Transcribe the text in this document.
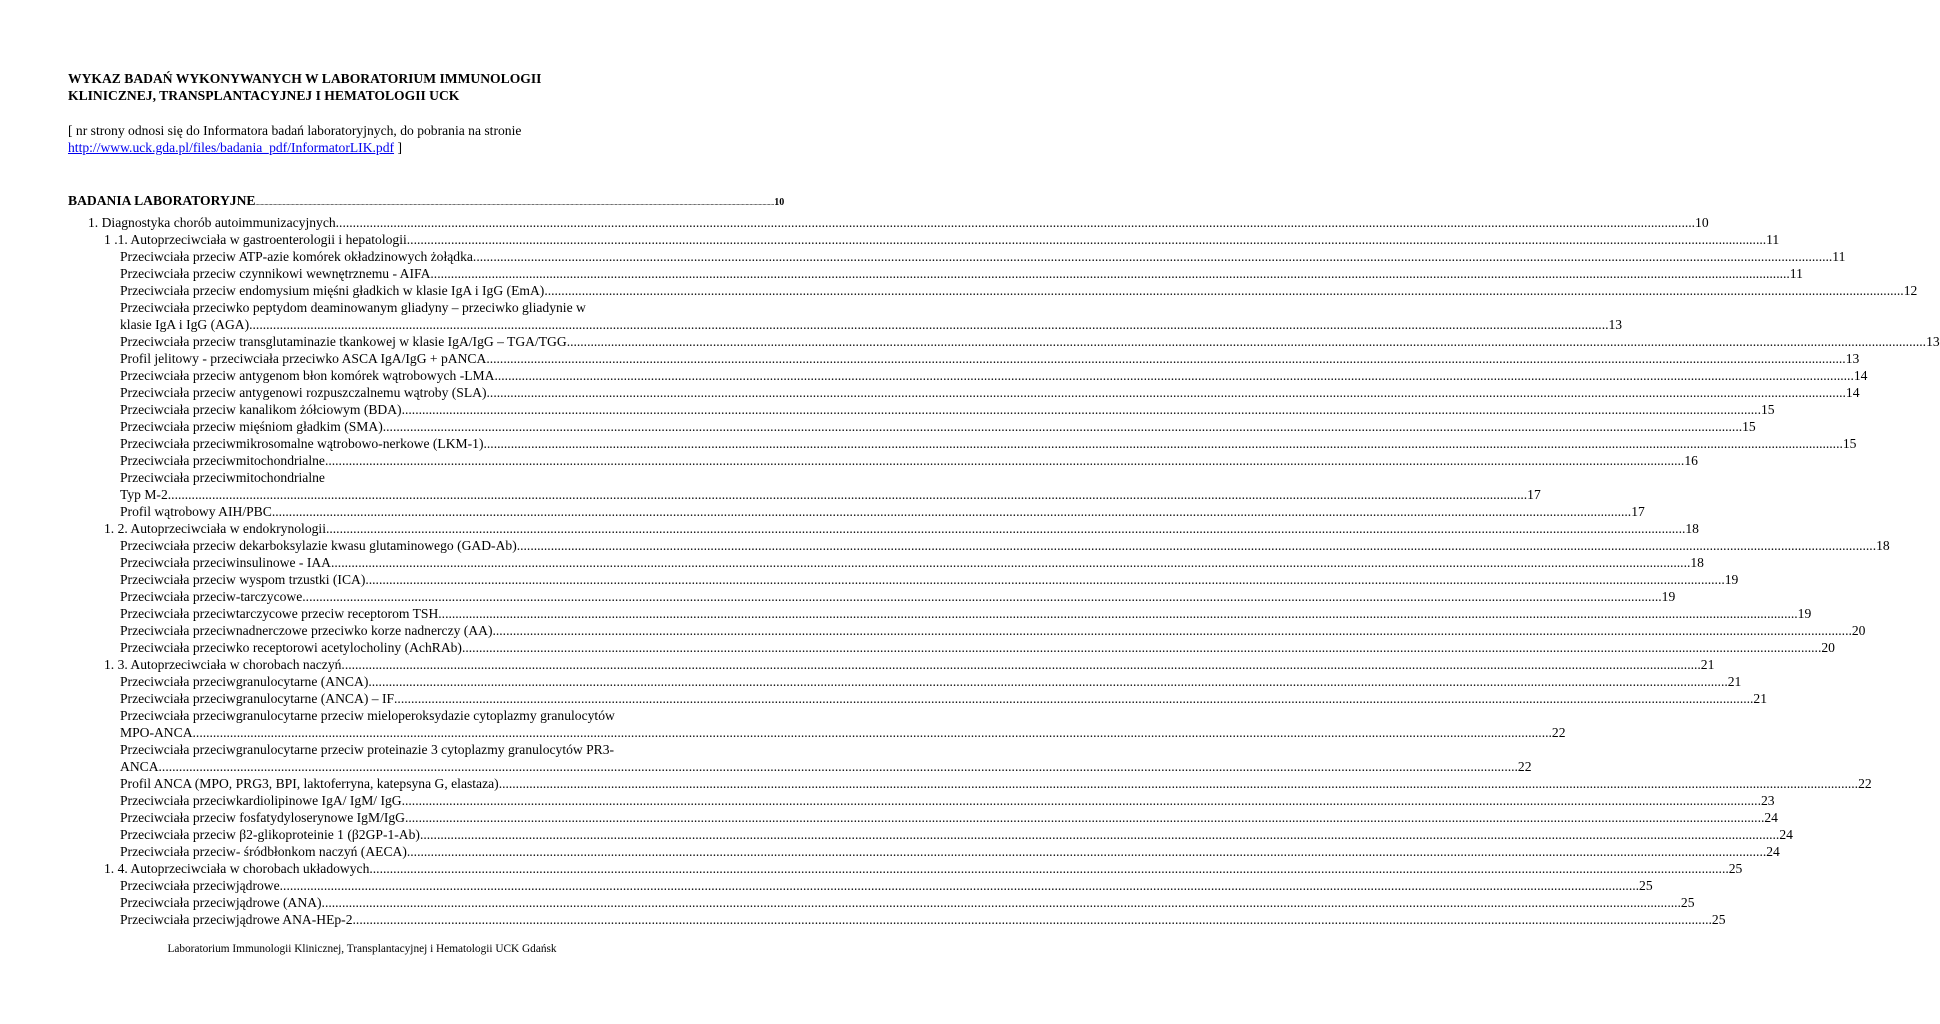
WYKAZ BADAŃ WYKONYWANYCH W LABORATORIUM IMMUNOLOGII
KLINICZNEJ, TRANSPLANTACYJNEJ I HEMATOLOGII UCK
[ nr strony odnosi się do Informatora badań laboratoryjnych, do pobrania na stronie
http://www.uck.gda.pl/files/badania_pdf/InformatorLIK.pdf ]
BADANIA LABORATORYJNE ................................................................................................................................................................................................................................................................................................................................................................................................................ 10
1. Diagnostyka chorób autoimmunizacyjnych ................................................................................................................................................................................................................................................................................................................................................................................................................ 10
1 .1. Autoprzeciwciała w gastroenterologii i hepatologii ................................................................................................................................................................................................................................................................................................................................................................................................................ 11
Przeciwciała przeciw ATP-azie komórek okładzinowych żołądka ................................................................................................................................................................................................................................................................................................................................................................................................................ 11
Przeciwciała przeciw czynnikowi wewnętrznemu - AIFA ................................................................................................................................................................................................................................................................................................................................................................................................................ 11
Przeciwciała przeciw endomysium mięśni gładkich w klasie IgA i IgG (EmA) ................................................................................................................................................................................................................................................................................................................................................................................................................ 12
Przeciwciała przeciwko peptydom deaminowanym gliadyny – przeciwko gliadynie w
klasie IgA i IgG (AGA) ................................................................................................................................................................................................................................................................................................................................................................................................................ 13
Przeciwciała przeciw transglutaminazie tkankowej w klasie IgA/IgG – TGA/TGG ................................................................................................................................................................................................................................................................................................................................................................................................................ 13
Profil jelitowy - przeciwciała przeciwko ASCA IgA/IgG + pANCA ................................................................................................................................................................................................................................................................................................................................................................................................................ 13
Przeciwciała przeciw antygenom błon komórek wątrobowych -LMA ................................................................................................................................................................................................................................................................................................................................................................................................................ 14
Przeciwciała przeciw antygenowi rozpuszczalnemu wątroby (SLA) ................................................................................................................................................................................................................................................................................................................................................................................................................ 14
Przeciwciała przeciw kanalikom żółciowym (BDA) ................................................................................................................................................................................................................................................................................................................................................................................................................ 15
Przeciwciała przeciw mięśniom gładkim (SMA) ................................................................................................................................................................................................................................................................................................................................................................................................................ 15
Przeciwciała przeciwmikrosomalne wątrobowo-nerkowe (LKM-1) ................................................................................................................................................................................................................................................................................................................................................................................................................ 15
Przeciwciała przeciwmitochondrialne ................................................................................................................................................................................................................................................................................................................................................................................................................ 16
Przeciwciała przeciwmitochondrialne
Typ M-2 ................................................................................................................................................................................................................................................................................................................................................................................................................ 17
Profil wątrobowy AIH/PBC ................................................................................................................................................................................................................................................................................................................................................................................................................ 17
1. 2. Autoprzeciwciała w endokrynologii ................................................................................................................................................................................................................................................................................................................................................................................................................ 18
Przeciwciała przeciw dekarboksylazie kwasu glutaminowego (GAD-Ab) ................................................................................................................................................................................................................................................................................................................................................................................................................ 18
Przeciwciała przeciwinsulinowe - IAA ................................................................................................................................................................................................................................................................................................................................................................................................................ 18
Przeciwciała przeciw wyspom trzustki (ICA) ................................................................................................................................................................................................................................................................................................................................................................................................................ 19
Przeciwciała przeciw-tarczycowe ................................................................................................................................................................................................................................................................................................................................................................................................................ 19
Przeciwciała przeciwtarczycowe przeciw receptorom TSH ................................................................................................................................................................................................................................................................................................................................................................................................................ 19
Przeciwciała przeciwnadnerczowe przeciwko korze nadnerczy (AA) ................................................................................................................................................................................................................................................................................................................................................................................................................ 20
Przeciwciała przeciwko receptorowi acetylocholiny (AchRAb) ................................................................................................................................................................................................................................................................................................................................................................................................................ 20
1. 3. Autoprzeciwciała w chorobach naczyń ................................................................................................................................................................................................................................................................................................................................................................................................................ 21
Przeciwciała przeciwgranulocytarne (ANCA) ................................................................................................................................................................................................................................................................................................................................................................................................................ 21
Przeciwciała przeciwgranulocytarne (ANCA) – IF ................................................................................................................................................................................................................................................................................................................................................................................................................ 21
Przeciwciała przeciwgranulocytarne przeciw mieloperoksydazie cytoplazmy granulocytów
MPO-ANCA ................................................................................................................................................................................................................................................................................................................................................................................................................ 22
Przeciwciała przeciwgranulocytarne przeciw proteinazie 3 cytoplazmy granulocytów PR3-
ANCA ................................................................................................................................................................................................................................................................................................................................................................................................................ 22
Profil ANCA (MPO, PRG3, BPI, laktoferryna, katepsyna G, elastaza) ................................................................................................................................................................................................................................................................................................................................................................................................................ 22
Przeciwciała przeciwkardiolipinowe IgA/ IgM/ IgG ................................................................................................................................................................................................................................................................................................................................................................................................................ 23
Przeciwciała przeciw fosfatydyloserynowe IgM/IgG ................................................................................................................................................................................................................................................................................................................................................................................................................ 24
Przeciwciała przeciw β2-glikoproteinie 1 (β2GP-1-Ab) ................................................................................................................................................................................................................................................................................................................................................................................................................ 24
Przeciwciała przeciw- śródbłonkom naczyń (AECA) ................................................................................................................................................................................................................................................................................................................................................................................................................ 24
1. 4. Autoprzeciwciała w chorobach układowych ................................................................................................................................................................................................................................................................................................................................................................................................................ 25
Przeciwciała przeciwjądrowe ................................................................................................................................................................................................................................................................................................................................................................................................................ 25
Przeciwciała przeciwjądrowe (ANA) ................................................................................................................................................................................................................................................................................................................................................................................................................ 25
Przeciwciała przeciwjądrowe ANA-HEp-2 ................................................................................................................................................................................................................................................................................................................................................................................................................ 25
Laboratorium Immunologii Klinicznej, Transplantacyjnej i Hematologii UCK Gdańsk
